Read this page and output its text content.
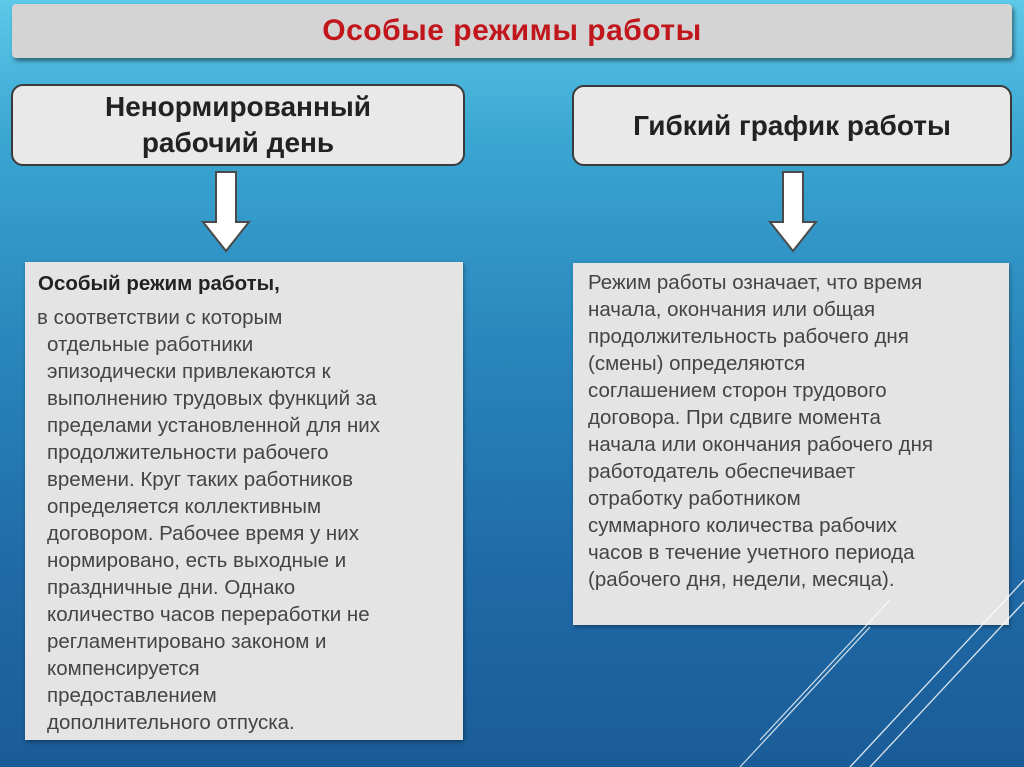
Особые режимы работы
Ненормированный
рабочий день
Гибкий график работы
Особый режим работы,

в соответствии с которым
отдельные работники
эпизодически привлекаются к
выполнению трудовых функций за
пределами установленной для них
продолжительности рабочего
времени. Круг таких работников
определяется коллективным
договором. Рабочее время у них
нормировано, есть выходные и
праздничные дни. Однако
количество часов переработки не
регламентировано законом и
компенсируется
предоставлением
дополнительного отпуска.

Режим работы означает, что время
начала, окончания или общая
продолжительность рабочего дня
(смены) определяются
соглашением сторон трудового
договора. При сдвиге момента
начала или окончания рабочего дня
работодатель обеспечивает
отработку работником
суммарного количества рабочих
часов в течение учетного периода
(рабочего дня, недели, месяца).
